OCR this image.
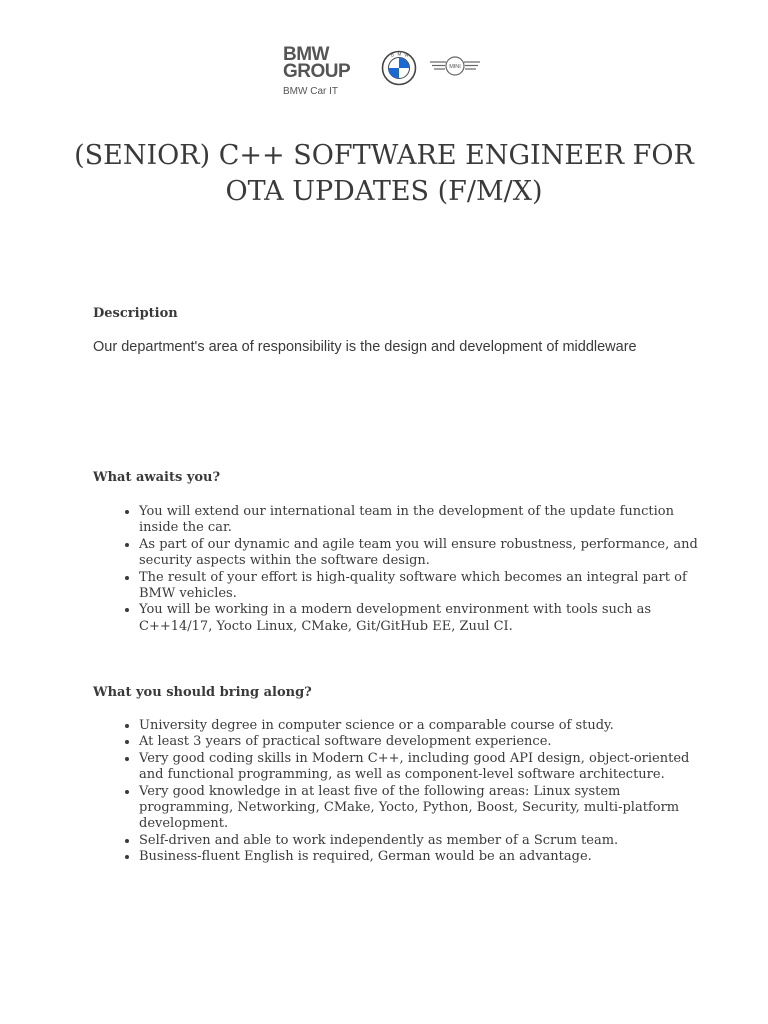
BMW
GROUP
BMW Car IT
B M W
MINI
(SENIOR) C++ SOFTWARE ENGINEER FOR
OTA UPDATES (F/M/X)

Description

Our department's area of responsibility is the design and development of middleware

What awaits you?

• You will extend our international team in the development of the update function inside the car.
• As part of our dynamic and agile team you will ensure robustness, performance, and security aspects within the software design.
• The result of your effort is high-quality software which becomes an integral part of BMW vehicles.
• You will be working in a modern development environment with tools such as C++14/17, Yocto Linux, CMake, Git/GitHub EE, Zuul CI.

What you should bring along?

• University degree in computer science or a comparable course of study.
• At least 3 years of practical software development experience.
• Very good coding skills in Modern C++, including good API design, object-oriented and functional programming, as well as component-level software architecture.
• Very good knowledge in at least five of the following areas: Linux system programming, Networking, CMake, Yocto, Python, Boost, Security, multi-platform development.
• Self-driven and able to work independently as member of a Scrum team.
• Business-fluent English is required, German would be an advantage.
